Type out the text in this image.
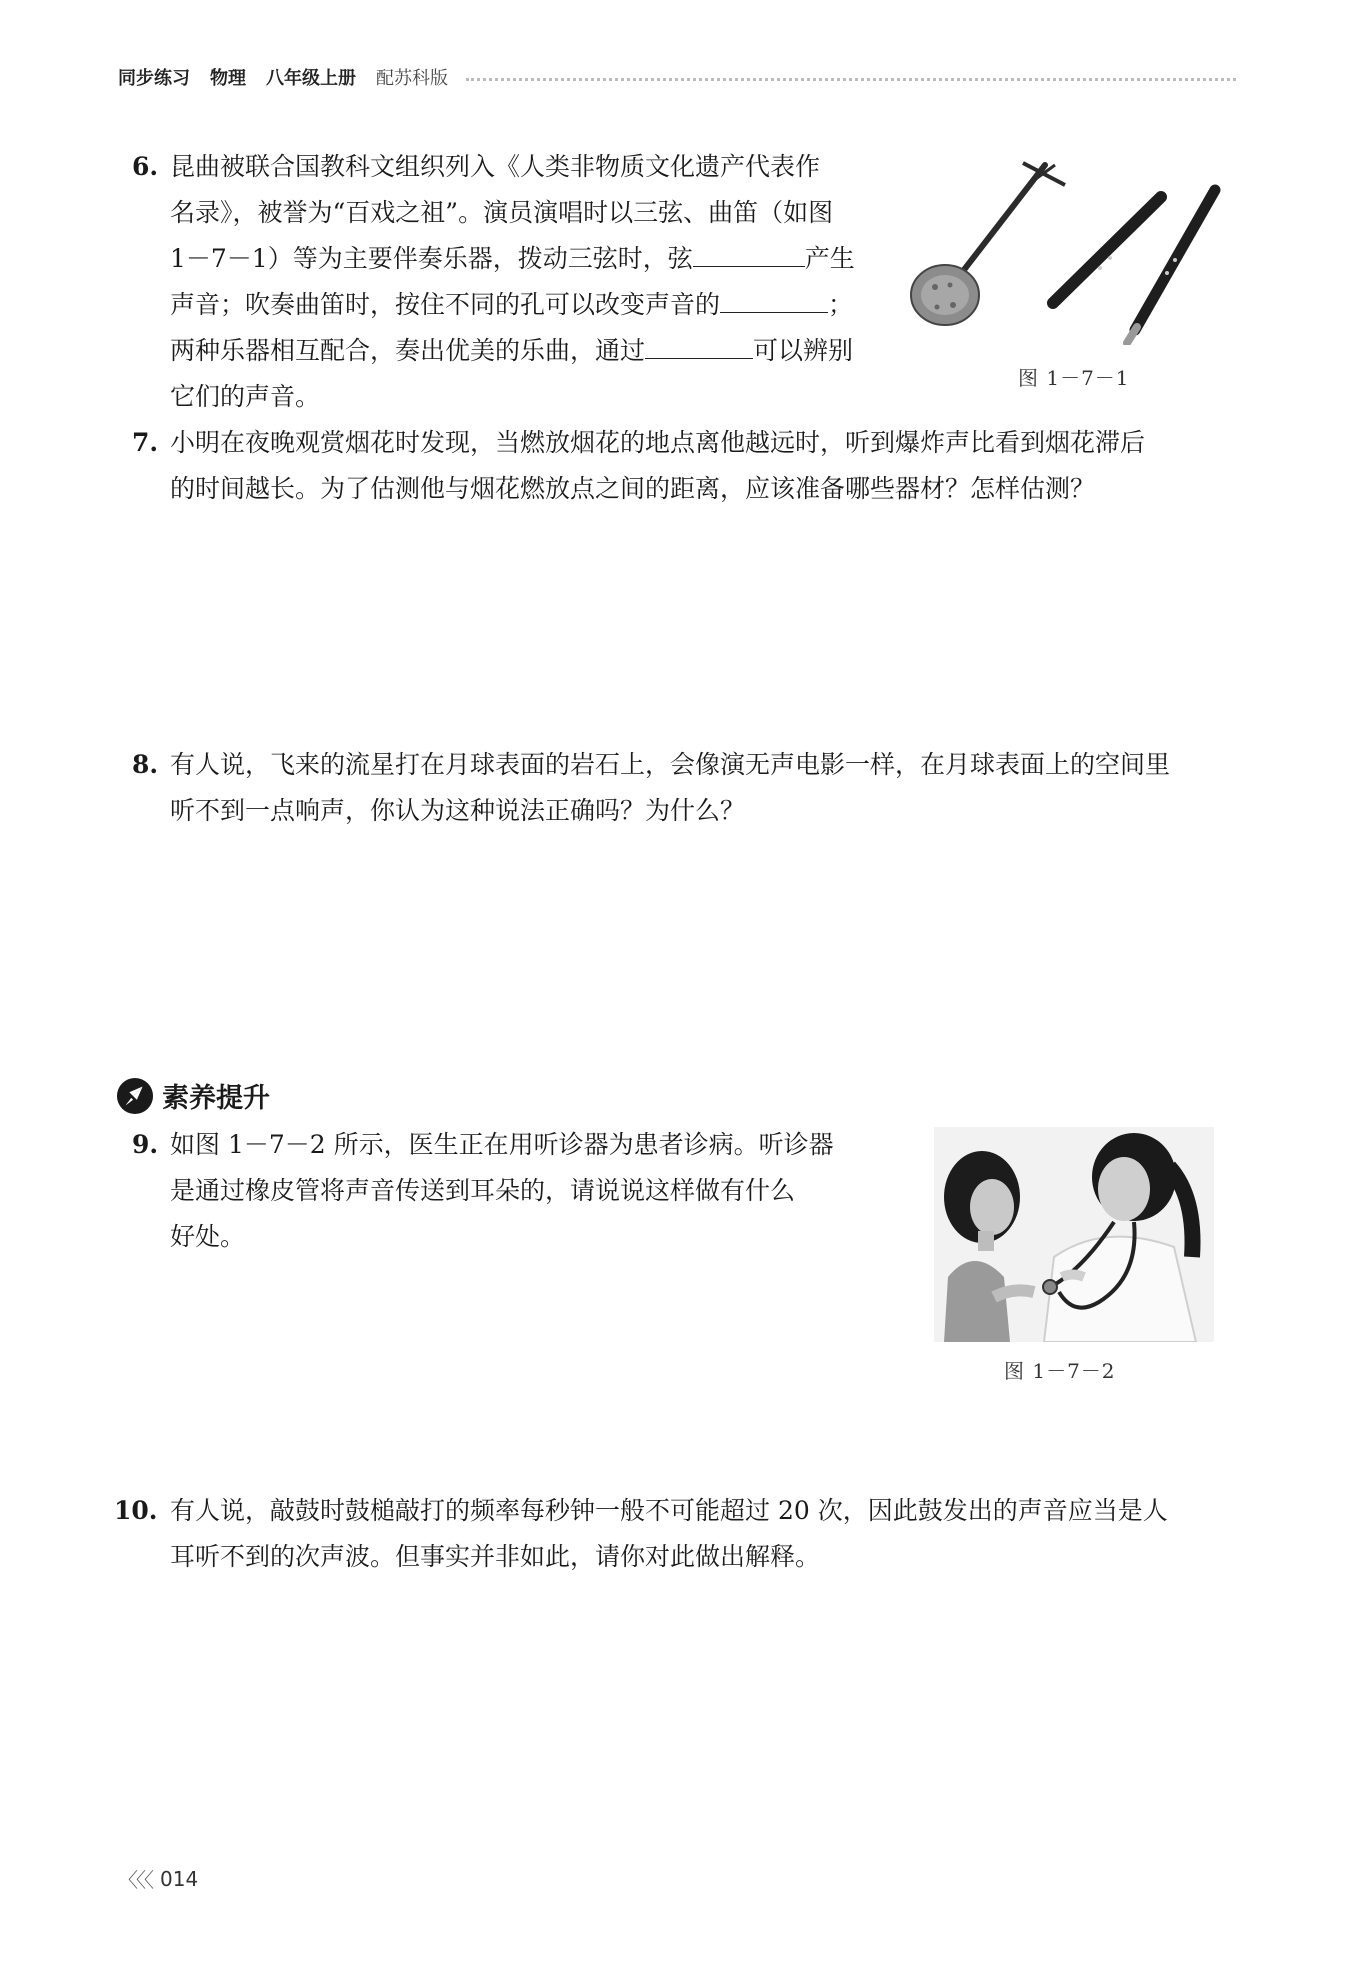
同步练习 物理 八年级上册 配苏科版
6. 昆曲被联合国教科文组织列入《人类非物质文化遗产代表作
名录》，被誉为“百戏之祖”。演员演唱时以三弦、曲笛（如图
1－7－1）等为主要伴奏乐器，拨动三弦时，弦	产生
声音；吹奏曲笛时，按住不同的孔可以改变声音的	；
两种乐器相互配合，奏出优美的乐曲，通过	可以辨别
它们的声音。
图 1－7－1
7. 小明在夜晚观赏烟花时发现，当燃放烟花的地点离他越远时，听到爆炸声比看到烟花滞后
的时间越长。为了估测他与烟花燃放点之间的距离，应该准备哪些器材？怎样估测？
8. 有人说，飞来的流星打在月球表面的岩石上，会像演无声电影一样，在月球表面上的空间里
听不到一点响声，你认为这种说法正确吗？为什么？
素养提升
9. 如图 1－7－2 所示，医生正在用听诊器为患者诊病。听诊器
是通过橡皮管将声音传送到耳朵的，请说说这样做有什么
好处。
图 1－7－2
10. 有人说，敲鼓时鼓槌敲打的频率每秒钟一般不可能超过 20 次，因此鼓发出的声音应当是人
耳听不到的次声波。但事实并非如此，请你对此做出解释。
〈〈〈 014
